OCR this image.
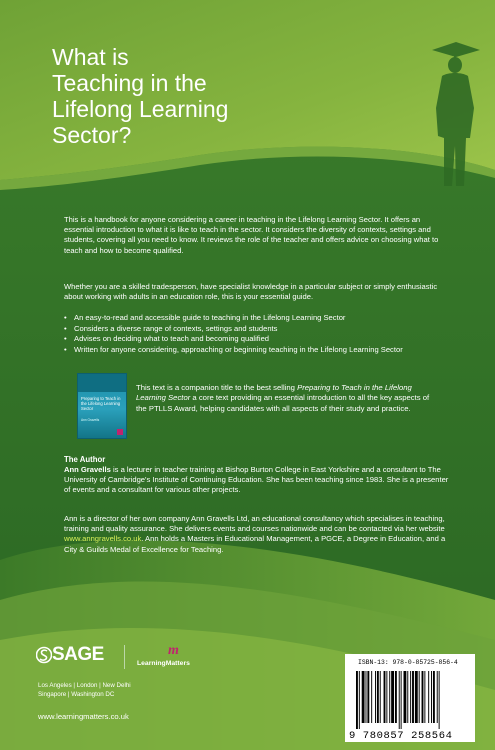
What is
Teaching in the
Lifelong Learning
Sector?

This is a handbook for anyone considering a career in teaching in the Lifelong Learning Sector. It offers an essential introduction to what it is like to teach in the sector. It considers the diversity of contexts, settings and students, covering all you need to know. It reviews the role of the teacher and offers advice on choosing what to teach and how to become qualified.

Whether you are a skilled tradesperson, have specialist knowledge in a particular subject or simply enthusiastic about working with adults in an education role, this is your essential guide.

• An easy-to-read and accessible guide to teaching in the Lifelong Learning Sector
• Considers a diverse range of contexts, settings and students
• Advises on deciding what to teach and becoming qualified
• Written for anyone considering, approaching or beginning teaching in the Lifelong Learning Sector
Preparing to Teach in the Lifelong Learning Sector
Ann Gravells
This text is a companion title to the best selling Preparing to Teach in the Lifelong Learning Sector a core text providing an essential introduction to all the key aspects of the PTLLS Award, helping candidates with all aspects of their study and practice.
The Author
Ann Gravells is a lecturer in teacher training at Bishop Burton College in East Yorkshire and a consultant to The University of Cambridge's Institute of Continuing Education. She has been teaching since 1983. She is a presenter of events and a consultant for various other projects.
Ann is a director of her own company Ann Gravells Ltd, an educational consultancy which specialises in teaching, training and quality assurance. She delivers events and courses nationwide and can be contacted via her website www.anngravells.co.uk. Ann holds a Masters in Educational Management, a PGCE, a Degree in Education, and a City & Guilds Medal of Excellence for Teaching.
SAGE	m
LearningMatters
Los Angeles | London | New Delhi
Singapore | Washington DC
www.learningmatters.co.uk
ISBN-13: 978-0-85725-856-4
9 780857 258564
